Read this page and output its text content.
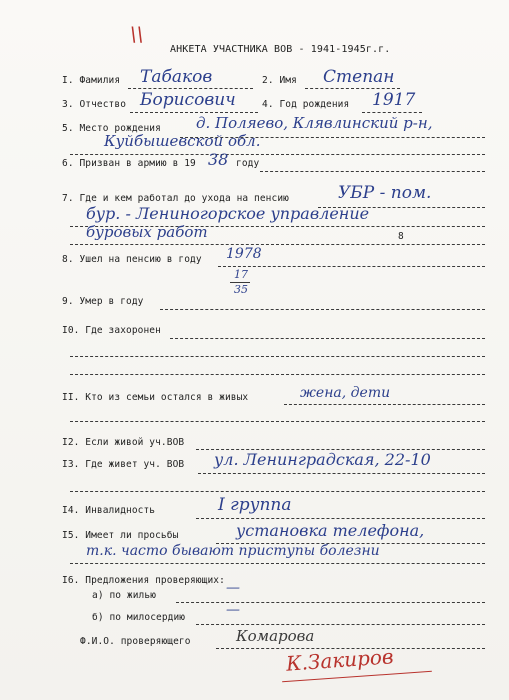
\\
АНКЕТА УЧАСТНИКА ВОВ - 1941-1945г.г.
I. Фамилия Табаков	2. Имя Степан
3. Отчество Борисович	4. Год рождения 1917
5. Место рождения д. Поляево, Клявлинский р-н,
Куйбышевской обл.
6. Призван в армию в 19 38 году
7. Где и кем работал до ухода на пенсию	УБР - пом.
бур. - Лениногорское управление
буровых работ	8
8. Ушел на пенсию в году 1978
17
35
9. Умер в году
I0. Где захоронен
II. Кто из семьи остался в живых	жена, дети
I2. Если живой уч.ВОВ
I3. Где живет уч. ВОВ ул. Ленинградская, 22-10
I4. Инвалидность	I группа
I5. Имеет ли просьбы	установка телефона,
т.к. часто бывают приступы болезни
I6. Предложения проверяющих:
а) по жилью	—
б) по милосердию	—
Ф.И.О. проверяющего	Комарова
К.Закиров
